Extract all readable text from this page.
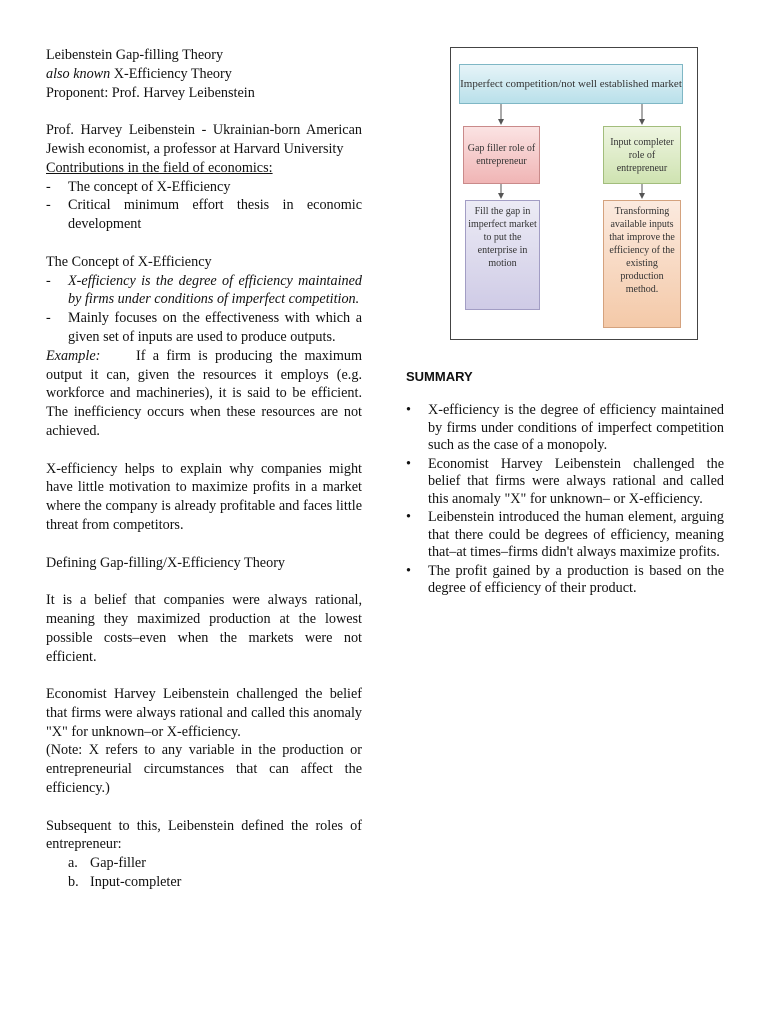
Leibenstein Gap-filling Theory

also known X-Efficiency Theory

Proponent: Prof. Harvey Leibenstein

Prof. Harvey Leibenstein - Ukrainian-born American Jewish economist, a professor at Harvard University

Contributions in the field of economics:

- The concept of X-Efficiency
- Critical minimum effort thesis in economic development

The Concept of X-Efficiency

- X-efficiency is the degree of efficiency maintained by firms under conditions of imperfect competition.
- Mainly focuses on the effectiveness with which a given set of inputs are used to produce outputs.

Example:	If a firm is producing the maximum output it can, given the resources it employs (e.g. workforce and machineries), it is said to be efficient. The inefficiency occurs when these resources are not achieved.

X-efficiency helps to explain why companies might have little motivation to maximize profits in a market where the company is already profitable and faces little threat from competitors.

Defining Gap-filling/X-Efficiency Theory

It is a belief that companies were always rational, meaning they maximized production at the lowest possible costs–even when the markets were not efficient.

Economist Harvey Leibenstein challenged the belief that firms were always rational and called this anomaly "X" for unknown–or X-efficiency.

(Note: X refers to any variable in the production or entrepreneurial circumstances that can affect the efficiency.)

Subsequent to this, Leibenstein defined the roles of entrepreneur:

a. Gap-filler
b. Input-completer
Imperfect competition/not well established market
Gap filler role of entrepreneur
Input completer role of entrepreneur
Fill the gap in imperfect market to put the enterprise in motion
Transforming available inputs that improve the efficiency of the existing production method.
SUMMARY
• X-efficiency is the degree of efficiency maintained by firms under conditions of imperfect competition such as the case of a monopoly.
• Economist Harvey Leibenstein challenged the belief that firms were always rational and called this anomaly "X" for unknown– or X-efficiency.
• Leibenstein introduced the human element, arguing that there could be degrees of efficiency, meaning that–at times–firms didn't always maximize profits.
• The profit gained by a production is based on the degree of efficiency of their product.
